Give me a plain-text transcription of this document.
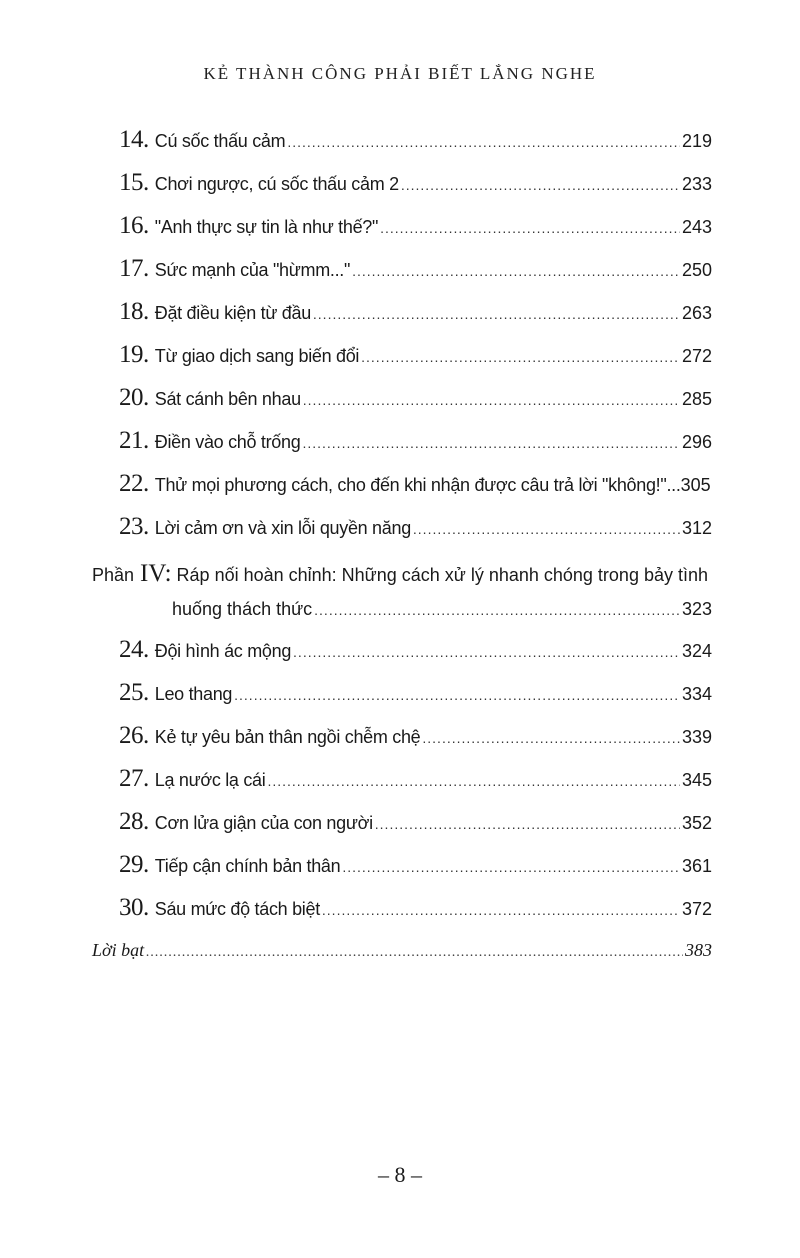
KẺ THÀNH CÔNG PHẢI BIẾT LẮNG NGHE
14. Cú sốc thấu cảm .....	219
15. Chơi ngược, cú sốc thấu cảm 2 .....	233
16. "Anh thực sự tin là như thế?" .....	243
17. Sức mạnh của "hừmm..." .....	250
18. Đặt điều kiện từ đầu .....	263
19. Từ giao dịch sang biến đổi .....	272
20. Sát cánh bên nhau .....	285
21. Điền vào chỗ trống .....	296
22. Thử mọi phương cách, cho đến khi nhận được câu trả lời "không!"... 305
23. Lời cảm ơn và xin lỗi quyền năng .....	312
Phần IV: Ráp nối hoàn chỉnh: Những cách xử lý nhanh chóng trong bảy tình
huống thách thức .....	323
24. Đội hình ác mộng .....	324
25. Leo thang .....	334
26. Kẻ tự yêu bản thân ngồi chễm chệ .....	339
27. Lạ nước lạ cái .....	345
28. Cơn lửa giận của con người .....	352
29. Tiếp cận chính bản thân .....	361
30. Sáu mức độ tách biệt .....	372
Lời bạt .....	383
– 8 –
